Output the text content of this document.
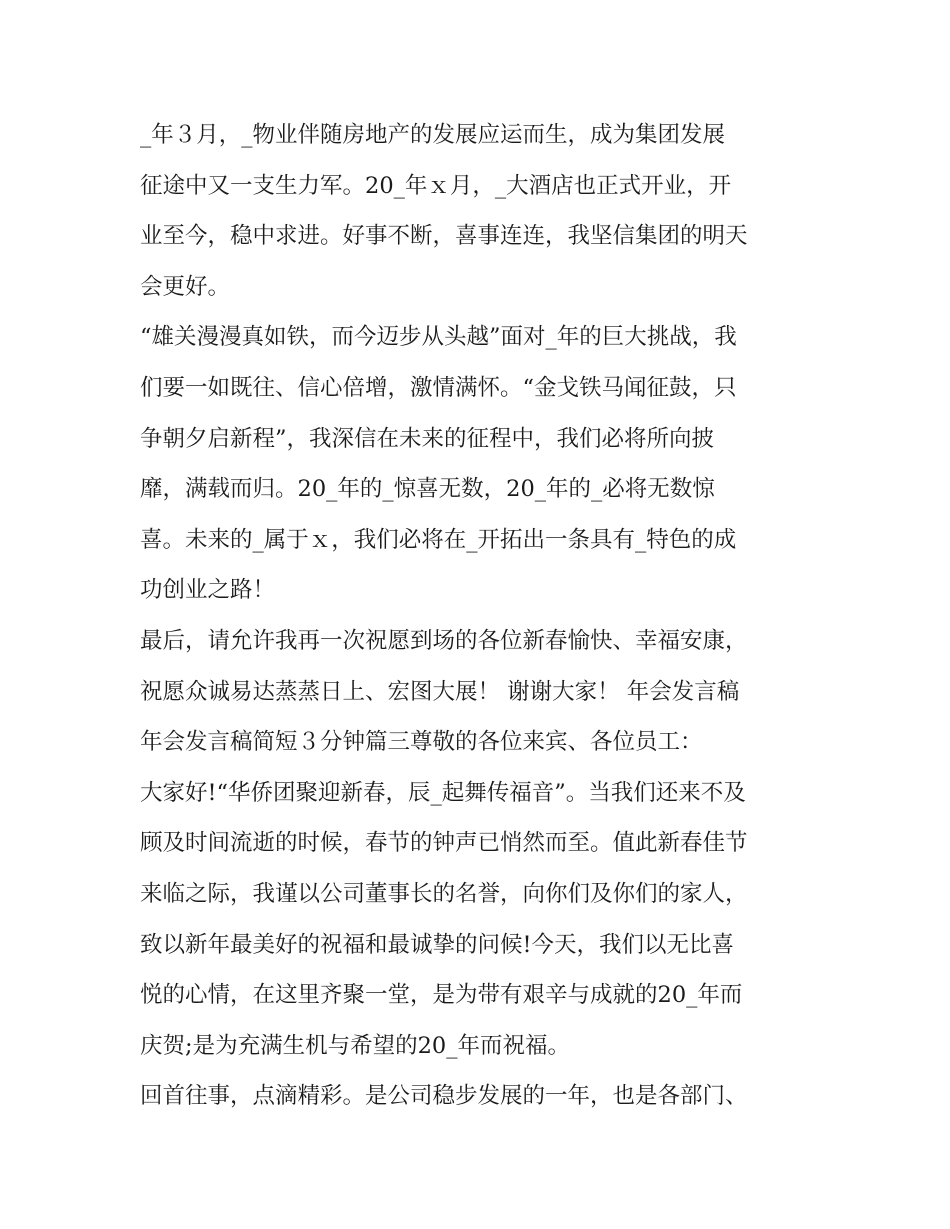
_年３月，_物业伴随房地产的发展应运而生，成为集团发展
征途中又一支生力军。20_年ｘ月，_大酒店也正式开业，开
业至今，稳中求进。好事不断，喜事连连，我坚信集团的明天
会更好。
“雄关漫漫真如铁，而今迈步从头越”面对_年的巨大挑战，我
们要一如既往、信心倍增，激情满怀。“金戈铁马闻征鼓，只
争朝夕启新程”，我深信在未来的征程中，我们必将所向披
靡，满载而归。20_年的_惊喜无数，20_年的_必将无数惊
喜。未来的_属于ｘ，我们必将在_开拓出一条具有_特色的成
功创业之路！
最后，请允许我再一次祝愿到场的各位新春愉快、幸福安康，
祝愿众诚易达蒸蒸日上、宏图大展！ 谢谢大家！ 年会发言稿
年会发言稿简短３分钟篇三尊敬的各位来宾、各位员工：
大家好!“华侨团聚迎新春，辰_起舞传福音”。当我们还来不及
顾及时间流逝的时候，春节的钟声已悄然而至。值此新春佳节
来临之际，我谨以公司董事长的名誉，向你们及你们的家人，
致以新年最美好的祝福和最诚挚的问候!今天，我们以无比喜
悦的心情，在这里齐聚一堂，是为带有艰辛与成就的20_年而
庆贺;是为充满生机与希望的20_年而祝福。
回首往事，点滴精彩。是公司稳步发展的一年，也是各部门、
